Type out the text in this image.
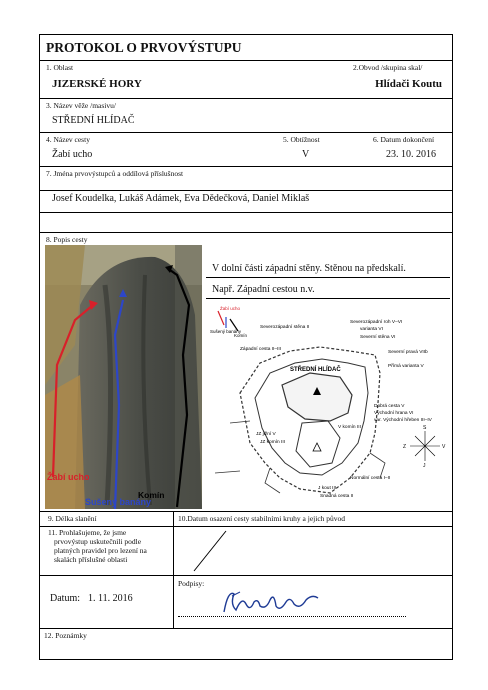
PROTOKOL O PRVOVÝSTUPU
1. Oblast
JIZERSKÉ HORY
2.Obvod /skupina skal/
Hlídači Koutu
3. Název věže /masivu/
STŘEDNÍ HLÍDAČ
4. Název cesty
Žabí ucho
5. Obtížnost
V
6. Datum dokončení
23. 10. 2016
7. Jména prvovýstupců a oddílová příslušnost
Josef Koudelka, Lukáš Adámek, Eva Dědečková, Daniel Miklaš
8. Popis cesty
Žabí ucho
Sušený banány
Komín
V dolní části západní stěny. Stěnou na předskalí.
Např. Západní cestou n.v.
Žabí ucho
Sušený banány
Komín
STŘEDNÍ HLÍDAČ
Severozápadní stěna II
Severozápadní roh V–VI
varianta VI
Severní stěna VI
Západní cesta II–III
Severní pravá VIIb
Přímá varianta V
Dobrá cesta V
Východní hrana VI
var. Východní hřeben III–IV
JZ jižní V
JZ komín III
V komín III
Normální cesta I–II
J kout III
Snadná cesta II
S
J
V
Z
9. Délka slanění	10.Datum osazení cesty stabilními kruhy a jejich původ
11. Prohlašujeme, že jsme
prvovýstup uskutečnili podle
platných pravidel pro lezení na
skalách příslušné oblasti
Datum: 1. 11. 2016
Podpisy:
12. Poznámky
